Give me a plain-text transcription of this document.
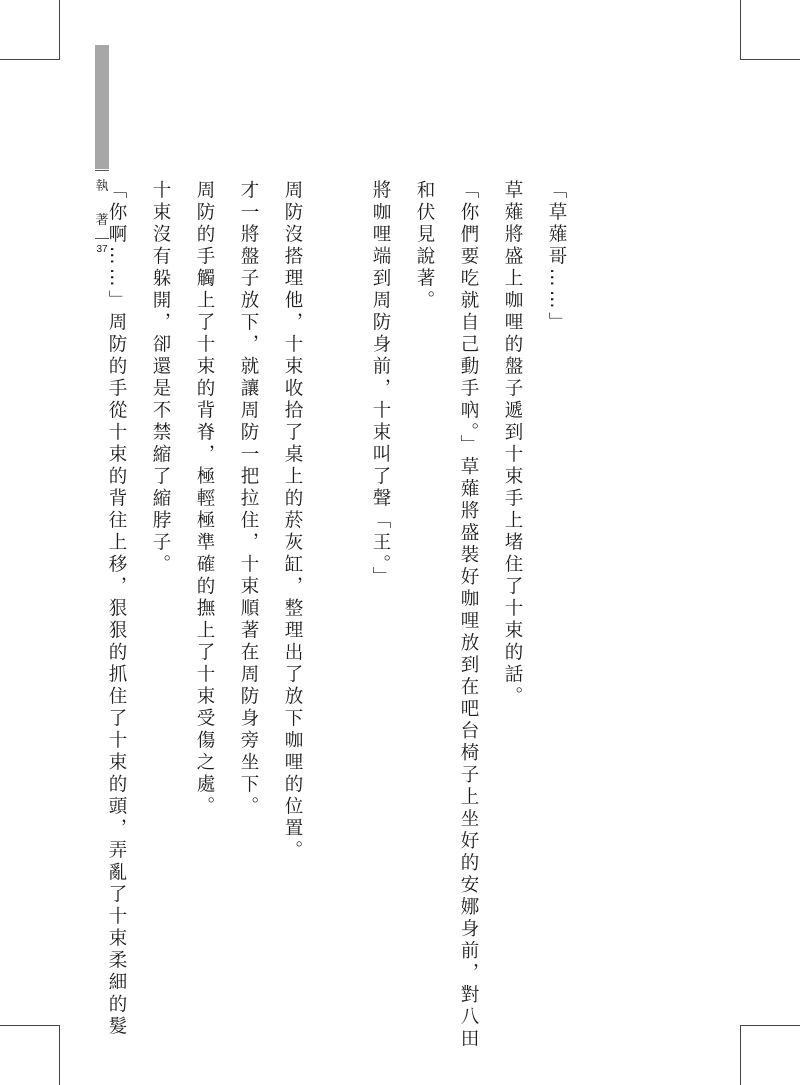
執
著
37	「草薙哥……」

草薙將盛上咖哩的盤子遞到十束手上堵住了十束的話。

「你們要吃就自己動手吶。」草薙將盛裝好咖哩放到在吧台椅子上坐好的安娜身前，對八田

和伏見說著。

將咖哩端到周防身前，十束叫了聲「王。」

周防沒搭理他，十束收拾了桌上的菸灰缸，整理出了放下咖哩的位置。

才一將盤子放下，就讓周防一把拉住，十束順著在周防身旁坐下。

周防的手觸上了十束的背脊，極輕極準確的撫上了十束受傷之處。

十束沒有躲開，卻還是不禁縮了縮脖子。

「你啊……」周防的手從十束的背往上移，狠狠的抓住了十束的頭，弄亂了十束柔細的髮
